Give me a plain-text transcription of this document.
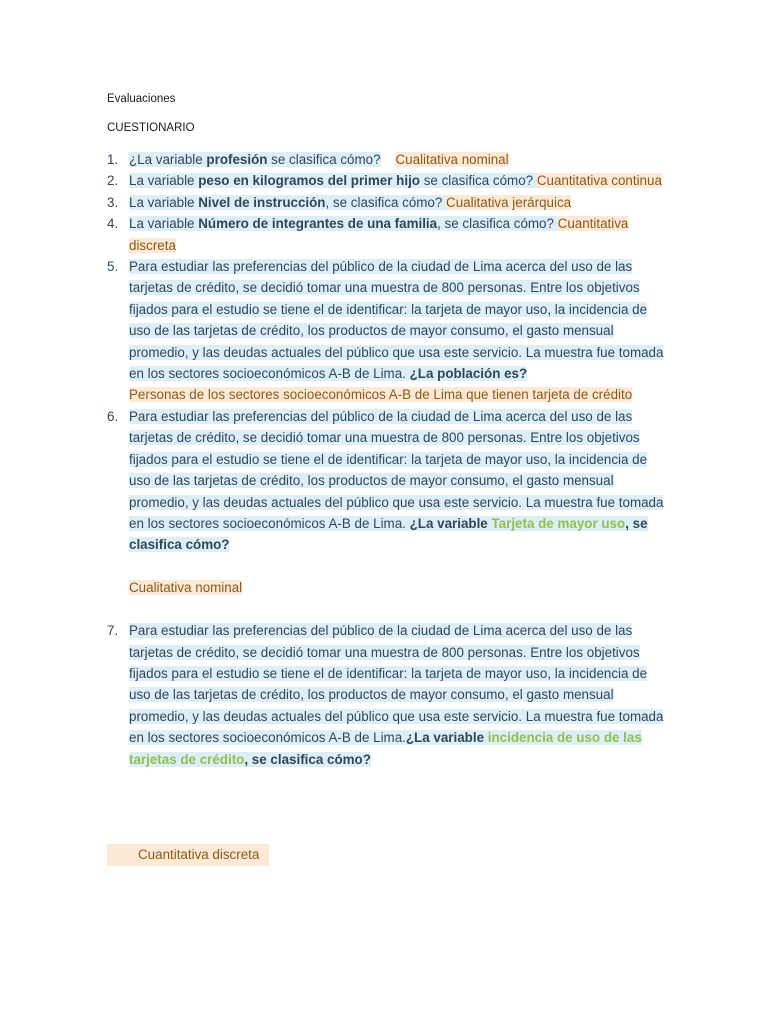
Evaluaciones
CUESTIONARIO
1. ¿La variable profesión se clasifica cómo? Cualitativa nominal
2. La variable peso en kilogramos del primer hijo se clasifica cómo? Cuantitativa continua
3. La variable Nivel de instrucción, se clasifica cómo? Cualitativa jerárquica
4. La variable Número de integrantes de una familia, se clasifica cómo? Cuantitativa discreta
5. Para estudiar las preferencias del público de la ciudad de Lima acerca del uso de las tarjetas de crédito, se decidió tomar una muestra de 800 personas. Entre los objetivos fijados para el estudio se tiene el de identificar: la tarjeta de mayor uso, la incidencia de uso de las tarjetas de crédito, los productos de mayor consumo, el gasto mensual promedio, y las deudas actuales del público que usa este servicio. La muestra fue tomada en los sectores socioeconómicos A-B de Lima. ¿La población es?
Personas de los sectores socioeconómicos A-B de Lima que tienen tarjeta de crédito
6. Para estudiar las preferencias del público de la ciudad de Lima acerca del uso de las tarjetas de crédito, se decidió tomar una muestra de 800 personas. Entre los objetivos fijados para el estudio se tiene el de identificar: la tarjeta de mayor uso, la incidencia de uso de las tarjetas de crédito, los productos de mayor consumo, el gasto mensual promedio, y las deudas actuales del público que usa este servicio. La muestra fue tomada en los sectores socioeconómicos A-B de Lima. ¿La variable Tarjeta de mayor uso, se clasifica cómo?
Cualitativa nominal
7. Para estudiar las preferencias del público de la ciudad de Lima acerca del uso de las tarjetas de crédito, se decidió tomar una muestra de 800 personas. Entre los objetivos fijados para el estudio se tiene el de identificar: la tarjeta de mayor uso, la incidencia de uso de las tarjetas de crédito, los productos de mayor consumo, el gasto mensual promedio, y las deudas actuales del público que usa este servicio. La muestra fue tomada en los sectores socioeconómicos A-B de Lima.¿La variable incidencia de uso de las tarjetas de crédito, se clasifica cómo?
Cuantitativa discreta
